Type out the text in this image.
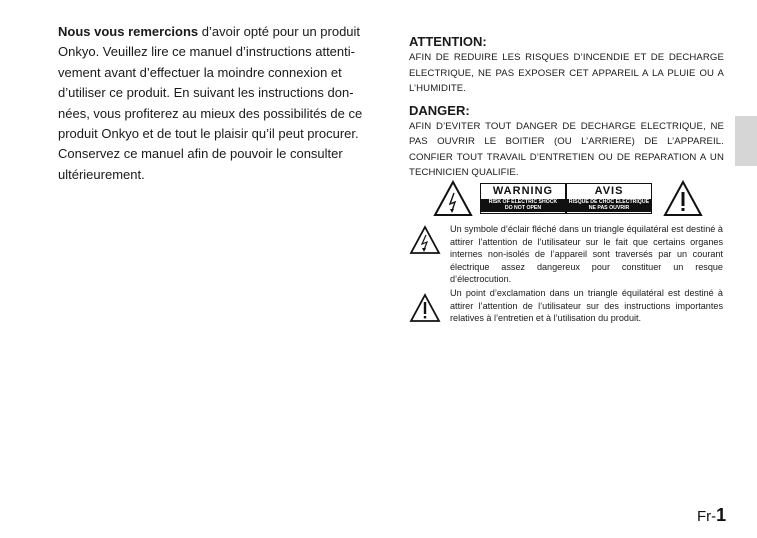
Nous vous remercions d’avoir opté pour un produit Onkyo. Veuillez lire ce manuel d’instructions attentivement avant d’effectuer la moindre connexion et d’utiliser ce produit. En suivant les instructions données, vous profiterez au mieux des possibilités de ce produit Onkyo et de tout le plaisir qu’il peut procurer. Conservez ce manuel afin de pouvoir le consulter ultérieurement.
ATTENTION:
AFIN DE REDUIRE LES RISQUES D’INCENDIE ET DE DECHARGE ELECTRIQUE, NE PAS EXPOSER CET APPAREIL A LA PLUIE OU A L’HUMIDITE.
DANGER:
AFIN D’EVITER TOUT DANGER DE DECHARGE ELECTRIQUE, NE PAS OUVRIR LE BOITIER (OU L’ARRIERE) DE L’APPAREIL. CONFIER TOUT TRAVAIL D’ENTRETIEN OU DE REPARATION A UN TECHNICIEN QUALIFIE.
WARNING
RISK OF ELECTRIC SHOCK
DO NOT OPEN
AVIS
RISQUE DE CHOC ELECTRIQUE
NE PAS OUVRIR
Un symbole d’éclair fléché dans un triangle équilatéral est destiné à attirer l’attention de l’utilisateur sur le fait que certains organes internes non-isolés de l’appareil sont traversés par un courant électrique assez dangereux pour constituer un resque d’électrocution.
Un point d’exclamation dans un triangle équilatéral est destiné à attirer l’attention de l’utilisateur sur des instructions importantes relatives à l’entretien et à l’utilisation du produit.
Fr-1
